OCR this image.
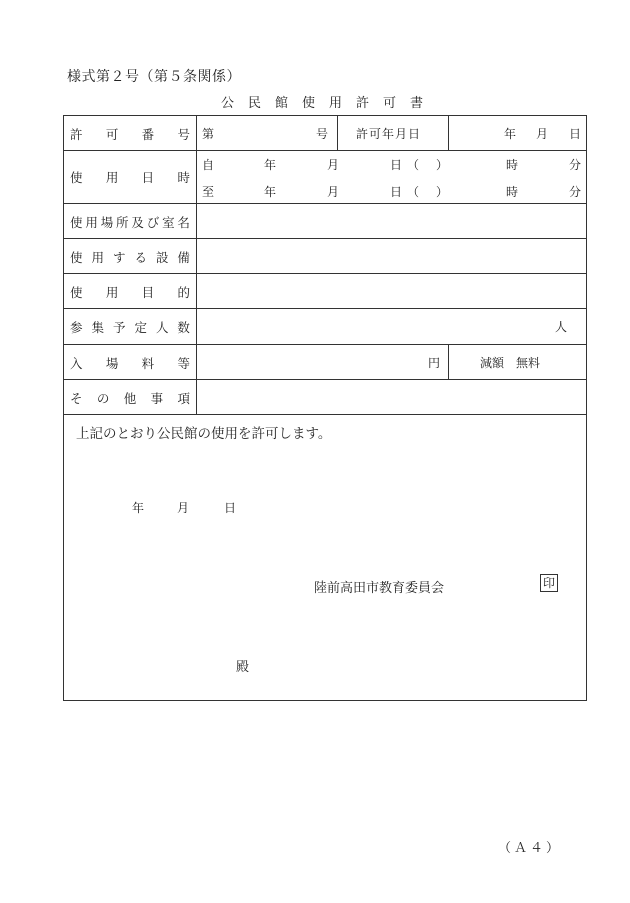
様式第２号（第５条関係）
公民館使用許可書
許 可 番 号 第	号 許可年月日	年 月 日
使 用 日 時
自	年	月	日 （ ）	時	分
至	年	月	日 （ ）	時	分
使 用 場 所 及 び 室 名
使 用 す る 設 備
使 用 目 的
参 集 予 定 人 数	人
入 場 料 等	円	減額　無料
そ の 他 事 項
上記のとおり公民館の使用を許可します。
年	月	日
陸前高田市教育委員会	印
殿
（Ａ４）
